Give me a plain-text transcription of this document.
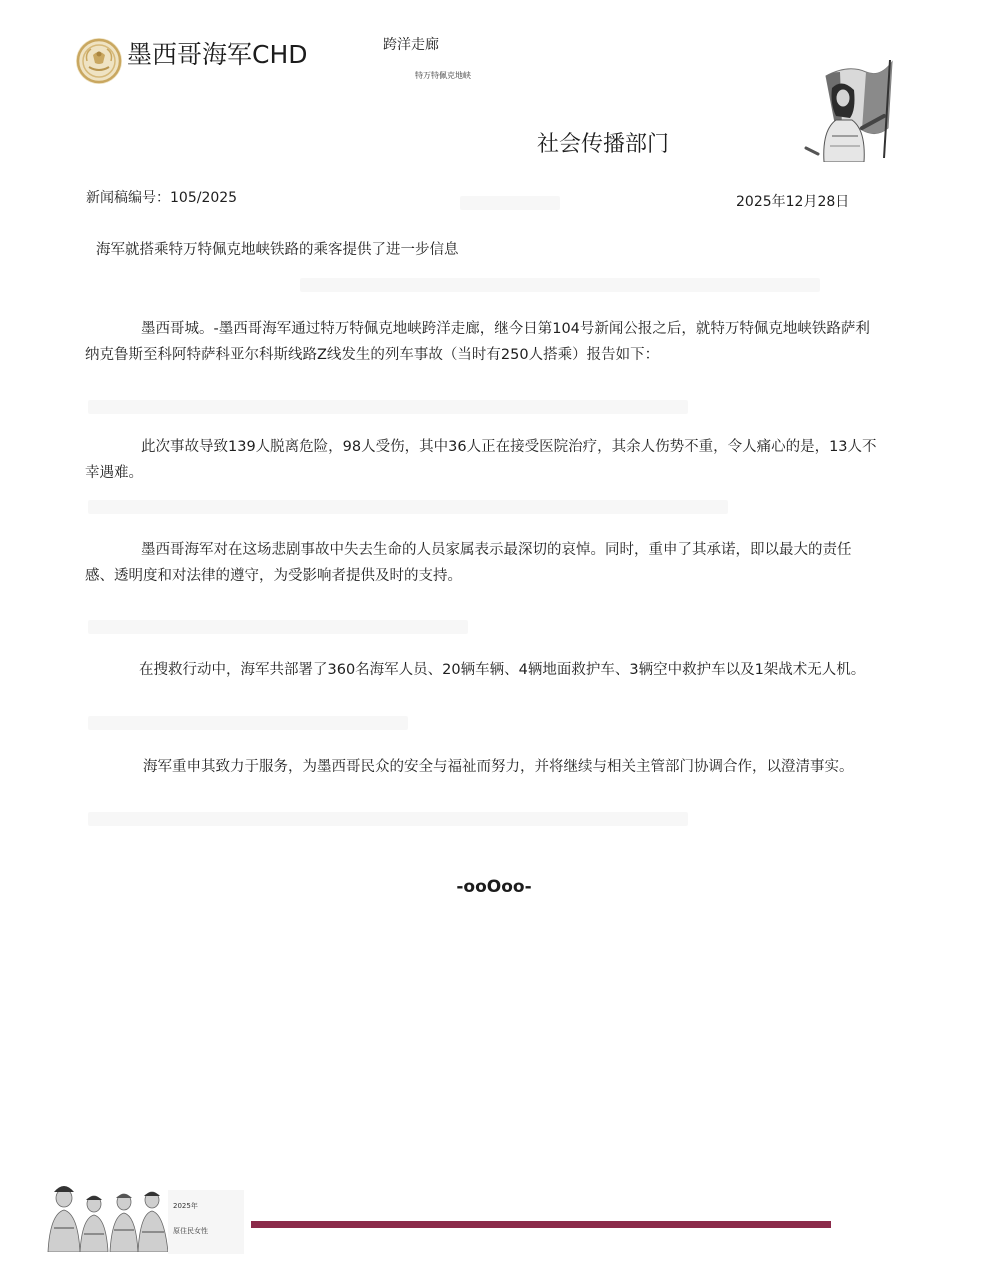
墨西哥海军CHD	跨洋走廊
特万特佩克地峡
社会传播部门
新闻稿编号：105/2025	2025年12月28日
海军就搭乘特万特佩克地峡铁路的乘客提供了进一步信息

墨西哥城。-墨西哥海军通过特万特佩克地峡跨洋走廊，继今日第104号新闻公报之后，就特万特佩克地峡铁路萨利纳克鲁斯至科阿特萨科亚尔科斯线路Z线发生的列车事故（当时有250人搭乘）报告如下：

此次事故导致139人脱离危险，98人受伤，其中36人正在接受医院治疗，其余人伤势不重，令人痛心的是，13人不幸遇难。

墨西哥海军对在这场悲剧事故中失去生命的人员家属表示最深切的哀悼。同时，重申了其承诺，即以最大的责任感、透明度和对法律的遵守，为受影响者提供及时的支持。

在搜救行动中，海军共部署了360名海军人员、20辆车辆、4辆地面救护车、3辆空中救护车以及1架战术无人机。

海军重申其致力于服务，为墨西哥民众的安全与福祉而努力，并将继续与相关主管部门协调合作，以澄清事实。

-ooOoo-
2025年
原住民女性
